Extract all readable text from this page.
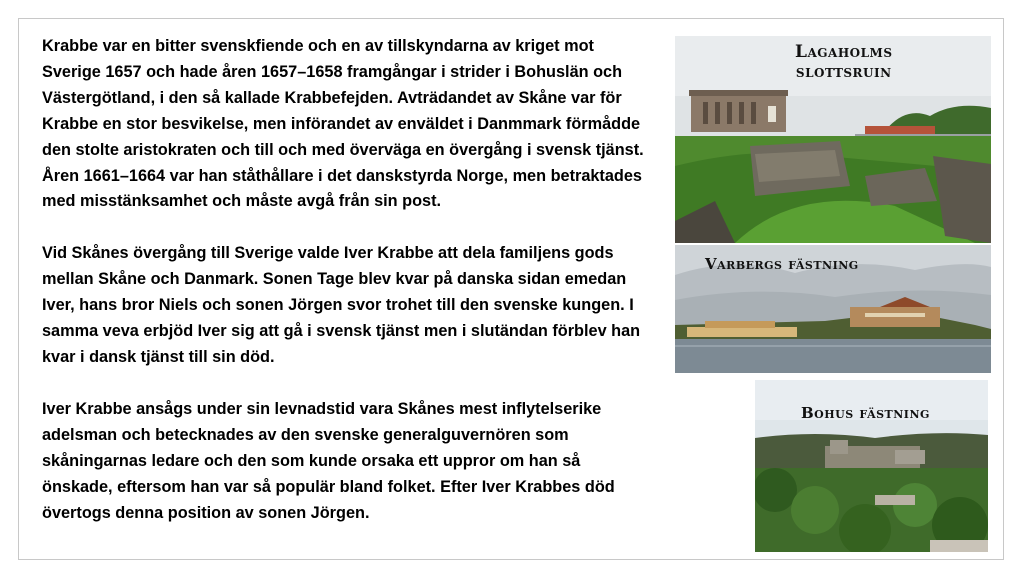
Krabbe var en bitter svenskfiende och en av tillskyndarna av kriget mot Sverige 1657 och hade åren 1657–1658 framgångar i strider i Bohuslän och Västergötland, i den så kallade Krabbefejden. Avträdandet av Skåne var för Krabbe en stor besvikelse, men införandet av enväldet i Danmmark förmådde den stolte aristokraten och till och med överväga en övergång i svensk tjänst. Åren 1661–1664 var han ståthållare i det danskstyrda Norge, men betraktades med misstänksamhet och måste avgå från sin post.

Vid Skånes övergång till Sverige valde Iver Krabbe att dela familjens gods mellan Skåne och Danmark. Sonen Tage blev kvar på danska sidan emedan Iver, hans bror Niels och sonen Jörgen svor trohet till den svenske kungen. I samma veva erbjöd Iver sig att gå i svensk tjänst men i slutändan förblev han kvar i dansk tjänst till sin död.

Iver Krabbe ansågs under sin levnadstid vara Skånes mest inflytelserike adelsman och betecknades av den svenske generalguvernören som skåningarnas ledare och den som kunde orsaka ett uppror om han så önskade, eftersom han var så populär bland folket. Efter Iver Krabbes död övertogs denna position av sonen Jörgen.

Lagaholms
slottsruin
Varbergs fästning
Bohus fästning
